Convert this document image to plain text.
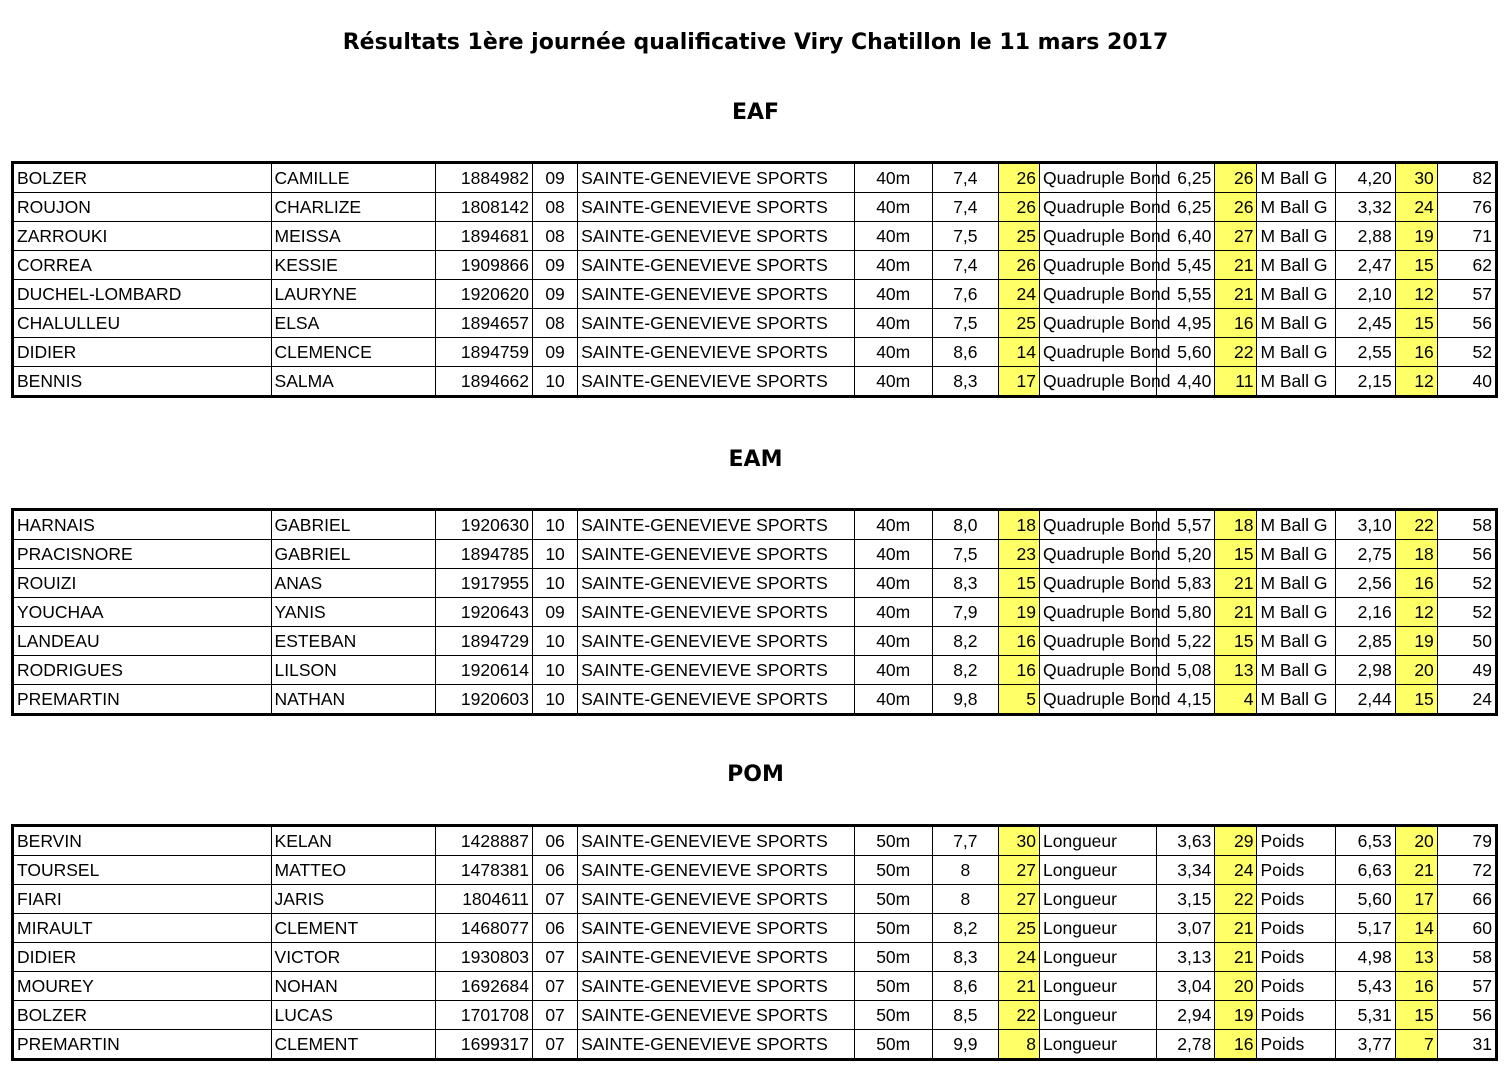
Résultats 1ère journée qualificative Viry Chatillon le 11 mars 2017
EAF
BOLZER	CAMILLE	1884982	09	SAINTE-GENEVIEVE SPORTS	40m	7,4	26	Quadruple Bond	6,25	26	M Ball G	4,20	30	82
ROUJON	CHARLIZE	1808142	08	SAINTE-GENEVIEVE SPORTS	40m	7,4	26	Quadruple Bond	6,25	26	M Ball G	3,32	24	76
ZARROUKI	MEISSA	1894681	08	SAINTE-GENEVIEVE SPORTS	40m	7,5	25	Quadruple Bond	6,40	27	M Ball G	2,88	19	71
CORREA	KESSIE	1909866	09	SAINTE-GENEVIEVE SPORTS	40m	7,4	26	Quadruple Bond	5,45	21	M Ball G	2,47	15	62
DUCHEL-LOMBARD	LAURYNE	1920620	09	SAINTE-GENEVIEVE SPORTS	40m	7,6	24	Quadruple Bond	5,55	21	M Ball G	2,10	12	57
CHALULLEU	ELSA	1894657	08	SAINTE-GENEVIEVE SPORTS	40m	7,5	25	Quadruple Bond	4,95	16	M Ball G	2,45	15	56
DIDIER	CLEMENCE	1894759	09	SAINTE-GENEVIEVE SPORTS	40m	8,6	14	Quadruple Bond	5,60	22	M Ball G	2,55	16	52
BENNIS	SALMA	1894662	10	SAINTE-GENEVIEVE SPORTS	40m	8,3	17	Quadruple Bond	4,40	11	M Ball G	2,15	12	40
EAM
HARNAIS	GABRIEL	1920630	10	SAINTE-GENEVIEVE SPORTS	40m	8,0	18	Quadruple Bond	5,57	18	M Ball G	3,10	22	58
PRACISNORE	GABRIEL	1894785	10	SAINTE-GENEVIEVE SPORTS	40m	7,5	23	Quadruple Bond	5,20	15	M Ball G	2,75	18	56
ROUIZI	ANAS	1917955	10	SAINTE-GENEVIEVE SPORTS	40m	8,3	15	Quadruple Bond	5,83	21	M Ball G	2,56	16	52
YOUCHAA	YANIS	1920643	09	SAINTE-GENEVIEVE SPORTS	40m	7,9	19	Quadruple Bond	5,80	21	M Ball G	2,16	12	52
LANDEAU	ESTEBAN	1894729	10	SAINTE-GENEVIEVE SPORTS	40m	8,2	16	Quadruple Bond	5,22	15	M Ball G	2,85	19	50
RODRIGUES	LILSON	1920614	10	SAINTE-GENEVIEVE SPORTS	40m	8,2	16	Quadruple Bond	5,08	13	M Ball G	2,98	20	49
PREMARTIN	NATHAN	1920603	10	SAINTE-GENEVIEVE SPORTS	40m	9,8	5	Quadruple Bond	4,15	4	M Ball G	2,44	15	24
POM
BERVIN	KELAN	1428887	06	SAINTE-GENEVIEVE SPORTS	50m	7,7	30	Longueur	3,63	29	Poids	6,53	20	79
TOURSEL	MATTEO	1478381	06	SAINTE-GENEVIEVE SPORTS	50m	8	27	Longueur	3,34	24	Poids	6,63	21	72
FIARI	JARIS	1804611	07	SAINTE-GENEVIEVE SPORTS	50m	8	27	Longueur	3,15	22	Poids	5,60	17	66
MIRAULT	CLEMENT	1468077	06	SAINTE-GENEVIEVE SPORTS	50m	8,2	25	Longueur	3,07	21	Poids	5,17	14	60
DIDIER	VICTOR	1930803	07	SAINTE-GENEVIEVE SPORTS	50m	8,3	24	Longueur	3,13	21	Poids	4,98	13	58
MOUREY	NOHAN	1692684	07	SAINTE-GENEVIEVE SPORTS	50m	8,6	21	Longueur	3,04	20	Poids	5,43	16	57
BOLZER	LUCAS	1701708	07	SAINTE-GENEVIEVE SPORTS	50m	8,5	22	Longueur	2,94	19	Poids	5,31	15	56
PREMARTIN	CLEMENT	1699317	07	SAINTE-GENEVIEVE SPORTS	50m	9,9	8	Longueur	2,78	16	Poids	3,77	7	31
